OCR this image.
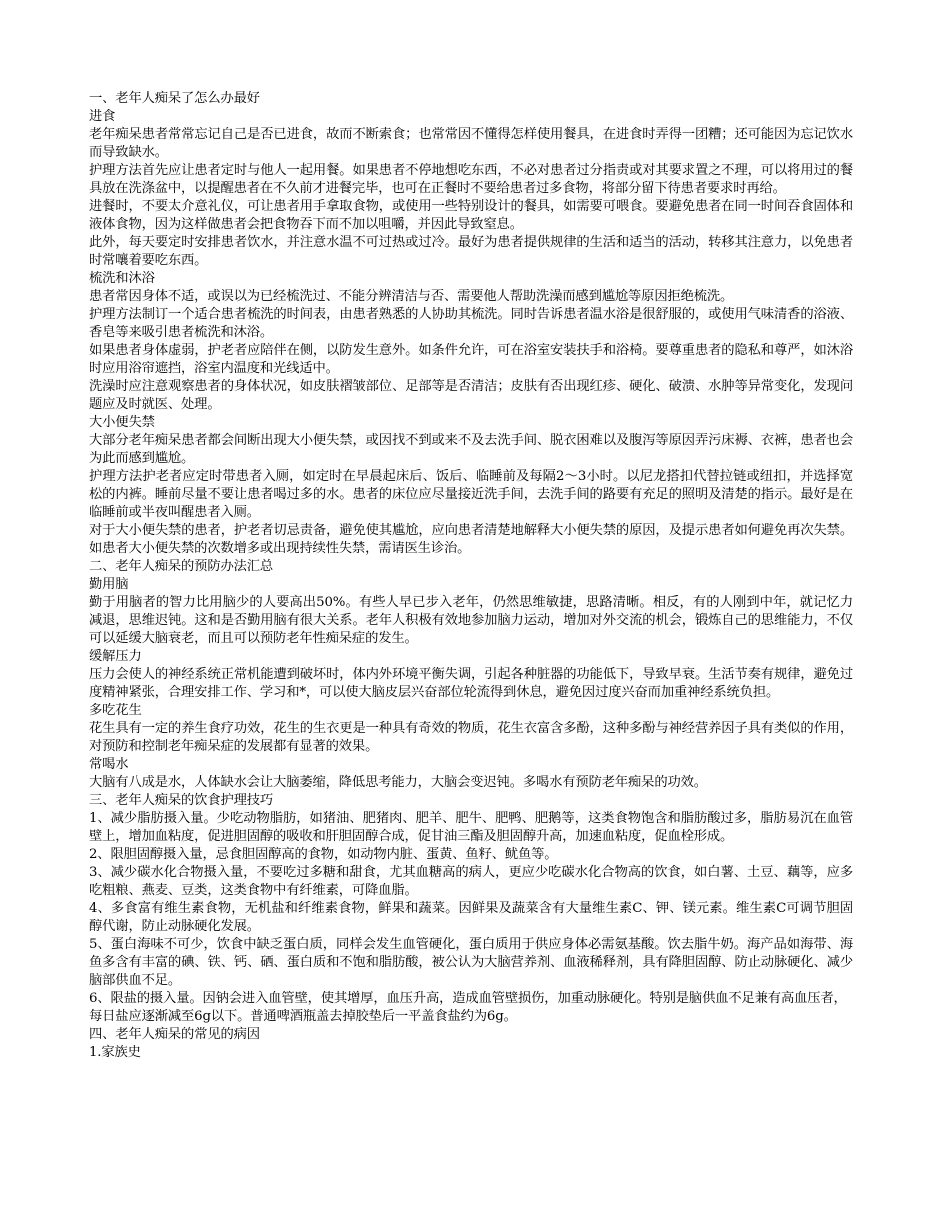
一、老年人痴呆了怎么办最好

进食

老年痴呆患者常常忘记自己是否已进食，故而不断索食；也常常因不懂得怎样使用餐具，在进食时弄得一团糟；还可能因为忘记饮水而导致缺水。

护理方法首先应让患者定时与他人一起用餐。如果患者不停地想吃东西，不必对患者过分指责或对其要求置之不理，可以将用过的餐具放在洗涤盆中，以提醒患者在不久前才进餐完毕，也可在正餐时不要给患者过多食物，将部分留下待患者要求时再给。

进餐时，不要太介意礼仪，可让患者用手拿取食物，或使用一些特别设计的餐具，如需要可喂食。要避免患者在同一时间吞食固体和液体食物，因为这样做患者会把食物吞下而不加以咀嚼，并因此导致窒息。

此外，每天要定时安排患者饮水，并注意水温不可过热或过冷。最好为患者提供规律的生活和适当的活动，转移其注意力，以免患者时常嚷着要吃东西。

梳洗和沐浴

患者常因身体不适，或误以为已经梳洗过、不能分辨清洁与否、需要他人帮助洗澡而感到尴尬等原因拒绝梳洗。

护理方法制订一个适合患者梳洗的时间表，由患者熟悉的人协助其梳洗。同时告诉患者温水浴是很舒服的，或使用气味清香的浴液、香皂等来吸引患者梳洗和沐浴。

如果患者身体虚弱，护老者应陪伴在侧，以防发生意外。如条件允许，可在浴室安装扶手和浴椅。要尊重患者的隐私和尊严，如沐浴时应用浴帘遮挡，浴室内温度和光线适中。

洗澡时应注意观察患者的身体状况，如皮肤褶皱部位、足部等是否清洁；皮肤有否出现红疹、硬化、破溃、水肿等异常变化，发现问题应及时就医、处理。

大小便失禁

大部分老年痴呆患者都会间断出现大小便失禁，或因找不到或来不及去洗手间、脱衣困难以及腹泻等原因弄污床褥、衣裤，患者也会为此而感到尴尬。

护理方法护老者应定时带患者入厕，如定时在早晨起床后、饭后、临睡前及每隔2～3小时。以尼龙搭扣代替拉链或纽扣，并选择宽松的内裤。睡前尽量不要让患者喝过多的水。患者的床位应尽量接近洗手间，去洗手间的路要有充足的照明及清楚的指示。最好是在临睡前或半夜叫醒患者入厕。

对于大小便失禁的患者，护老者切忌责备，避免使其尴尬，应向患者清楚地解释大小便失禁的原因，及提示患者如何避免再次失禁。如患者大小便失禁的次数增多或出现持续性失禁，需请医生诊治。

二、老年人痴呆的预防办法汇总

勤用脑

勤于用脑者的智力比用脑少的人要高出50%。有些人早已步入老年，仍然思维敏捷，思路清晰。相反，有的人刚到中年，就记忆力减退，思维迟钝。这和是否勤用脑有很大关系。老年人积极有效地参加脑力运动，增加对外交流的机会，锻炼自己的思维能力，不仅可以延缓大脑衰老，而且可以预防老年性痴呆症的发生。

缓解压力

压力会使人的神经系统正常机能遭到破坏时，体内外环境平衡失调，引起各种脏器的功能低下，导致早衰。生活节奏有规律，避免过度精神紧张，合理安排工作、学习和*，可以使大脑皮层兴奋部位轮流得到休息，避免因过度兴奋而加重神经系统负担。

多吃花生

花生具有一定的养生食疗功效，花生的生衣更是一种具有奇效的物质，花生衣富含多酚，这种多酚与神经营养因子具有类似的作用，对预防和控制老年痴呆症的发展都有显著的效果。

常喝水

大脑有八成是水，人体缺水会让大脑萎缩，降低思考能力，大脑会变迟钝。多喝水有预防老年痴呆的功效。

三、老年人痴呆的饮食护理技巧

1、减少脂肪摄入量。少吃动物脂肪，如猪油、肥猪肉、肥羊、肥牛、肥鸭、肥鹅等，这类食物饱含和脂肪酸过多，脂肪易沉在血管壁上，增加血粘度，促进胆固醇的吸收和肝胆固醇合成，促甘油三酯及胆固醇升高，加速血粘度，促血栓形成。

2、限胆固醇摄入量，忌食胆固醇高的食物，如动物内脏、蛋黄、鱼籽、鱿鱼等。

3、减少碳水化合物摄入量，不要吃过多糖和甜食，尤其血糖高的病人，更应少吃碳水化合物高的饮食，如白薯、土豆、藕等，应多吃粗粮、燕麦、豆类，这类食物中有纤维素，可降血脂。

4、多食富有维生素食物，无机盐和纤维素食物，鲜果和蔬菜。因鲜果及蔬菜含有大量维生素C、钾、镁元素。维生素C可调节胆固醇代谢，防止动脉硬化发展。

5、蛋白海味不可少，饮食中缺乏蛋白质，同样会发生血管硬化，蛋白质用于供应身体必需氨基酸。饮去脂牛奶。海产品如海带、海鱼多含有丰富的碘、铁、钙、硒、蛋白质和不饱和脂肪酸，被公认为大脑营养剂、血液稀释剂，具有降胆固醇、防止动脉硬化、减少脑部供血不足。

6、限盐的摄入量。因钠会进入血管壁，使其增厚，血压升高，造成血管壁损伤，加重动脉硬化。特别是脑供血不足兼有高血压者，每日盐应逐渐减至6g以下。普通啤酒瓶盖去掉胶垫后一平盖食盐约为6g。

四、老年人痴呆的常见的病因

1.家族史
